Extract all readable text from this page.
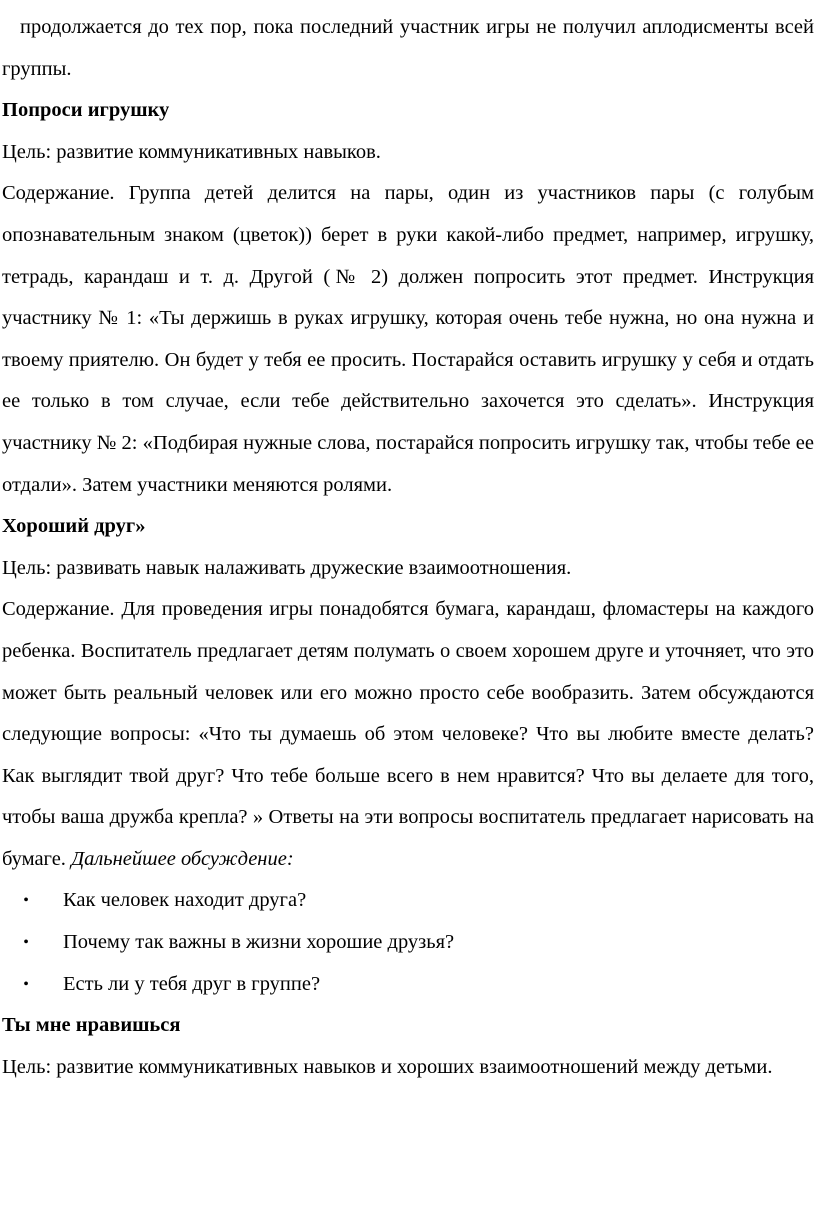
продолжается до тех пор, пока последний участник игры не получил аплодисменты всей группы.

Попроси игрушку

Цель: развитие коммуникативных навыков.

Содержание. Группа детей делится на пары, один из участников пары (с голубым опознавательным знаком (цветок)) берет в руки какой-либо предмет, например, игрушку, тетрадь, карандаш и т. д. Другой (№ 2) должен попросить этот предмет. Инструкция участнику № 1: «Ты держишь в руках игрушку, которая очень тебе нужна, но она нужна и твоему приятелю. Он будет у тебя ее просить. Постарайся оставить игрушку у себя и отдать ее только в том случае, если тебе действительно захочется это сделать». Инструкция участнику № 2: «Подбирая нужные слова, постарайся попросить игрушку так, чтобы тебе ее отдали». Затем участники меняются ролями.

Хороший друг»

Цель: развивать навык налаживать дружеские взаимоотношения.

Содержание. Для проведения игры понадобятся бумага, карандаш, фломастеры на каждого ребенка. Воспитатель предлагает детям полумать о своем хорошем друге и уточняет, что это может быть реальный человек или его можно просто себе вообразить. Затем обсуждаются следующие вопросы: «Что ты думаешь об этом человеке? Что вы любите вместе делать? Как выглядит твой друг? Что тебе больше всего в нем нравится? Что вы делаете для того, чтобы ваша дружба крепла? » Ответы на эти вопросы воспитатель предлагает нарисовать на бумаге. Дальнейшее обсуждение:

• Как человек находит друга?
• Почему так важны в жизни хорошие друзья?
• Есть ли у тебя друг в группе?
Ты мне нравишься

Цель: развитие коммуникативных навыков и хороших взаимоотношений между детьми.
